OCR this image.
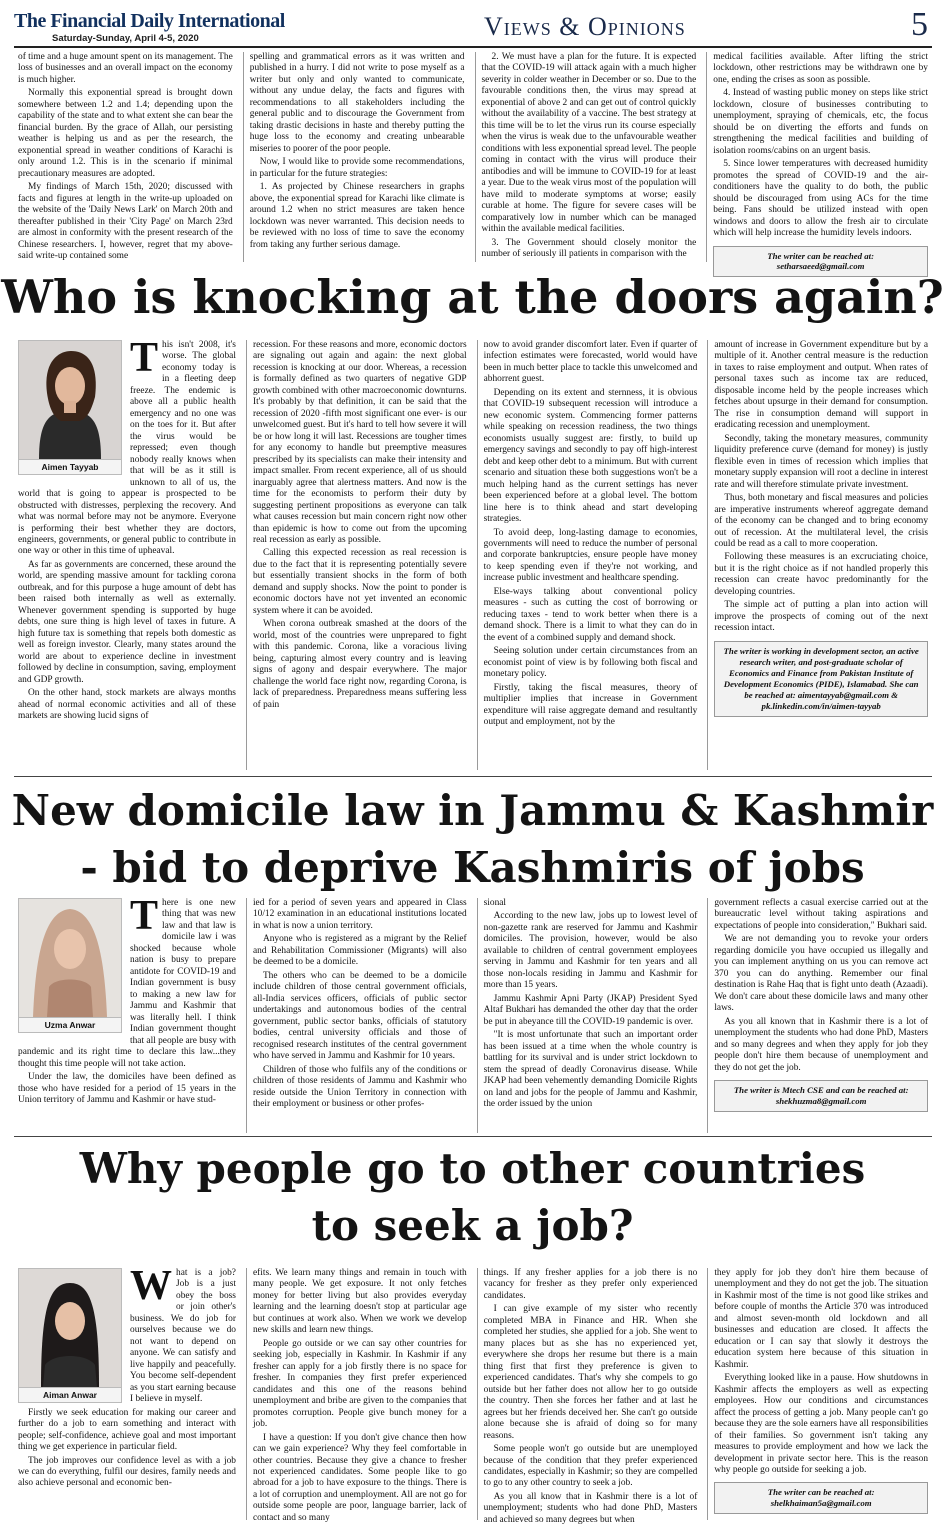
The Financial Daily International
Saturday-Sunday, April 4-5, 2020	Views & Opinions	5

of time and a huge amount spent on its management. The loss of businesses and an overall impact on the economy is much higher.

Normally this exponential spread is brought down somewhere between 1.2 and 1.4; depending upon the capability of the state and to what extent she can bear the financial burden. By the grace of Allah, our persisting weather is helping us and as per the research, the exponential spread in weather conditions of Karachi is only around 1.2. This is in the scenario if minimal precautionary measures are adopted.

My findings of March 15th, 2020; discussed with facts and figures at length in the write-up uploaded on the website of the 'Daily News Lark' on March 20th and thereafter published in their 'City Page' on March 23rd are almost in conformity with the present research of the Chinese researchers. I, however, regret that my above-said write-up contained some

spelling and grammatical errors as it was written and published in a hurry. I did not write to pose myself as a writer but only and only wanted to communicate, without any undue delay, the facts and figures with recommendations to all stakeholders including the general public and to discourage the Government from taking drastic decisions in haste and thereby putting the huge loss to the economy and creating unbearable miseries to poorer of the poor people.

Now, I would like to provide some recommendations, in particular for the future strategies:

1. As projected by Chinese researchers in graphs above, the exponential spread for Karachi like climate is around 1.2 when no strict measures are taken hence lockdown was never warranted. This decision needs to be reviewed with no loss of time to save the economy from taking any further serious damage.

2. We must have a plan for the future. It is expected that the COVID-19 will attack again with a much higher severity in colder weather in December or so. Due to the favourable conditions then, the virus may spread at exponential of above 2 and can get out of control quickly without the availability of a vaccine. The best strategy at this time will be to let the virus run its course especially when the virus is weak due to the unfavourable weather conditions with less exponential spread level. The people coming in contact with the virus will produce their antibodies and will be immune to COVID-19 for at least a year. Due to the weak virus most of the population will have mild to moderate symptoms at worse; easily curable at home. The figure for severe cases will be comparatively low in number which can be managed within the available medical facilities.

3. The Government should closely monitor the number of seriously ill patients in comparison with the

medical facilities available. After lifting the strict lockdown, other restrictions may be withdrawn one by one, ending the crises as soon as possible.

4. Instead of wasting public money on steps like strict lockdown, closure of businesses contributing to unemployment, spraying of chemicals, etc, the focus should be on diverting the efforts and funds on strengthening the medical facilities and building of isolation rooms/cabins on an urgent basis.

5. Since lower temperatures with decreased humidity promotes the spread of COVID-19 and the air-conditioners have the quality to do both, the public should be discouraged from using ACs for the time being. Fans should be utilized instead with open windows and doors to allow the fresh air to circulate which will help increase the humidity levels indoors.

The writer can be reached at:
setharsaeed@gmail.com
Who is knocking at the doors again?
Aimen Tayyab
T his isn't 2008, it's worse. The global economy today is in a fleeting deep freeze. The endemic is above all a public health emergency and no one was on the toes for it. But after the virus would be repressed; even though nobody really knows when that will be as it still is unknown to all of us, the world that is going to appear is prospected to be obstructed with distresses, perplexing the recovery. And what was normal before may not be anymore. Everyone is performing their best whether they are doctors, engineers, governments, or general public to contribute in one way or other in this time of upheaval.

As far as governments are concerned, these around the world, are spending massive amount for tackling corona outbreak, and for this purpose a huge amount of debt has been raised both internally as well as externally. Whenever government spending is supported by huge debts, one sure thing is high level of taxes in future. A high future tax is something that repels both domestic as well as foreign investor. Clearly, many states around the world are about to experience decline in investment followed by decline in consumption, saving, employment and GDP growth.

On the other hand, stock markets are always months ahead of normal economic activities and all of these markets are showing lucid signs of

recession. For these reasons and more, economic doctors are signaling out again and again: the next global recession is knocking at our door. Whereas, a recession is formally defined as two quarters of negative GDP growth combined with other macroeconomic downturns. It's probably by that definition, it can be said that the recession of 2020 -fifth most significant one ever- is our unwelcomed guest. But it's hard to tell how severe it will be or how long it will last. Recessions are tougher times for any economy to handle but preemptive measures prescribed by its specialists can make their intensity and impact smaller. From recent experience, all of us should inarguably agree that alertness matters. And now is the time for the economists to perform their duty by suggesting pertinent propositions as everyone can talk what causes recession but main concern right now other than epidemic is how to come out from the upcoming real recession as early as possible.

Calling this expected recession as real recession is due to the fact that it is representing potentially severe but essentially transient shocks in the form of both demand and supply shocks. Now the point to ponder is economic doctors have not yet invented an economic system where it can be avoided.

When corona outbreak smashed at the doors of the world, most of the countries were unprepared to fight with this pandemic. Corona, like a voracious living being, capturing almost every country and is leaving signs of agony and despair everywhere. The major challenge the world face right now, regarding Corona, is lack of preparedness. Preparedness means suffering less of pain

now to avoid grander discomfort later. Even if quarter of infection estimates were forecasted, world would have been in much better place to tackle this unwelcomed and abhorrent guest.

Depending on its extent and sternness, it is obvious that COVID-19 subsequent recession will introduce a new economic system. Commencing former patterns while speaking on recession readiness, the two things economists usually suggest are: firstly, to build up emergency savings and secondly to pay off high-interest debt and keep other debt to a minimum. But with current scenario and situation these both suggestions won't be a much helping hand as the current settings has never been experienced before at a global level. The bottom line here is to think ahead and start developing strategies.

To avoid deep, long-lasting damage to economies, governments will need to reduce the number of personal and corporate bankruptcies, ensure people have money to keep spending even if they're not working, and increase public investment and healthcare spending.

Else-ways talking about conventional policy measures - such as cutting the cost of borrowing or reducing taxes - tend to work better when there is a demand shock. There is a limit to what they can do in the event of a combined supply and demand shock.

Seeing solution under certain circumstances from an economist point of view is by following both fiscal and monetary policy.

Firstly, taking the fiscal measures, theory of multiplier implies that increase in Government expenditure will raise aggregate demand and resultantly output and employment, not by the

amount of increase in Government expenditure but by a multiple of it. Another central measure is the reduction in taxes to raise employment and output. When rates of personal taxes such as income tax are reduced, disposable income held by the people increases which fetches about upsurge in their demand for consumption. The rise in consumption demand will support in eradicating recession and unemployment.

Secondly, taking the monetary measures, community liquidity preference curve (demand for money) is justly flexible even in times of recession which implies that monetary supply expansion will root a decline in interest rate and will therefore stimulate private investment.

Thus, both monetary and fiscal measures and policies are imperative instruments whereof aggregate demand of the economy can be changed and to bring economy out of recession. At the multilateral level, the crisis could be read as a call to more cooperation.

Following these measures is an excruciating choice, but it is the right choice as if not handled properly this recession can create havoc predominantly for the developing countries.

The simple act of putting a plan into action will improve the prospects of coming out of the next recession intact.

The writer is working in development sector, an active research writer, and post-graduate scholar of Economics and Finance from Pakistan Institute of Development Economics (PIDE), Islamabad. She can be reached at: aimentayyab@gmail.com & pk.linkedin.com/in/aimen-tayyab
New domicile law in Jammu & Kashmir
- bid to deprive Kashmiris of jobs
Uzma Anwar
T here is one new thing that was new law and that law is domicile law i was shocked because whole nation is busy to prepare antidote for COVID-19 and Indian government is busy to making a new law for Jammu and Kashmir that was literally hell. I think Indian government thought that all people are busy with pandemic and its right time to declare this law...they thought this time people will not take action.

Under the law, the domiciles have been defined as those who have resided for a period of 15 years in the Union territory of Jammu and Kashmir or have stud-

ied for a period of seven years and appeared in Class 10/12 examination in an educational institutions located in what is now a union territory.

Anyone who is registered as a migrant by the Relief and Rehabilitation Commissioner (Migrants) will also be deemed to be a domicile.

The others who can be deemed to be a domicile include children of those central government officials, all-India services officers, officials of public sector undertakings and autonomous bodies of the central government, public sector banks, officials of statutory bodies, central university officials and those of recognised research institutes of the central government who have served in Jammu and Kashmir for 10 years.

Children of those who fulfils any of the conditions or children of those residents of Jammu and Kashmir who reside outside the Union Territory in connection with their employment or business or other profes-

sional

According to the new law, jobs up to lowest level of non-gazette rank are reserved for Jammu and Kashmir domiciles. The provision, however, would be also available to children of central government employees serving in Jammu and Kashmir for ten years and all those non-locals residing in Jammu and Kashmir for more than 15 years.

Jammu Kashmir Apni Party (JKAP) President Syed Altaf Bukhari has demanded the other day that the order be put in abeyance till the COVID-19 pandemic is over.

"It is most unfortunate that such an important order has been issued at a time when the whole country is battling for its survival and is under strict lockdown to stem the spread of deadly Coronavirus disease. While JKAP had been vehemently demanding Domicile Rights on land and jobs for the people of Jammu and Kashmir, the order issued by the union

government reflects a casual exercise carried out at the bureaucratic level without taking aspirations and expectations of people into consideration," Bukhari said.

We are not demanding you to revoke your orders regarding domicile you have occupied us illegally and you can implement anything on us you can remove act 370 you can do anything. Remember our final destination is Rahe Haq that is fight unto death (Azaadi). We don't care about these domicile laws and many other laws.

As you all known that in Kashmir there is a lot of unemployment the students who had done PhD, Masters and so many degrees and when they apply for job they people don't hire them because of unemployment and they do not get the job.

The writer is Mtech CSE and can be reached at:
shekhuzma8@gmail.com
Why people go to other countries
to seek a job?
Aiman Anwar
W hat is a job? Job is a just obey the boss or join other's business. We do job for ourselves because we do not want to depend on anyone. We can satisfy and live happily and peacefully. You become self-dependent as you start earning because I believe in myself.

Firstly we seek education for making our career and further do a job to earn something and interact with people; self-confidence, achieve goal and most important thing we get experience in particular field.

The job improves our confidence level as with a job we can do everything, fulfil our desires, family needs and also achieve personal and economic ben-

efits. We learn many things and remain in touch with many people. We get exposure. It not only fetches money for better living but also provides everyday learning and the learning doesn't stop at particular age but continues at work also. When we work we develop new skills and learn new things.

People go outside or we can say other countries for seeking job, especially in Kashmir. In Kashmir if any fresher can apply for a job firstly there is no space for fresher. In companies they first prefer experienced candidates and this one of the reasons behind unemployment and bribe are given to the companies that promotes corruption. People give bunch money for a job.

I have a question: If you don't give chance then how can we gain experience? Why they feel comfortable in other countries. Because they give a chance to fresher not experienced candidates. Some people like to go abroad for a job to have exposure to the things. There is a lot of corruption and unemployment. All are not go for outside some people are poor, language barrier, lack of contact and so many

things. If any fresher applies for a job there is no vacancy for fresher as they prefer only experienced candidates.

I can give example of my sister who recently completed MBA in Finance and HR. When she completed her studies, she applied for a job. She went to many places but as she has no experienced yet, everywhere she drops her resume but there is a main thing first that first they preference is given to experienced candidates. That's why she compels to go outside but her father does not allow her to go outside the country. Then she forces her father and at last he agrees but her friends deceived her. She can't go outside alone because she is afraid of doing so for many reasons.

Some people won't go outside but are unemployed because of the condition that they prefer experienced candidates, especially in Kashmir; so they are compelled to go to any other country to seek a job.

As you all know that in Kashmir there is a lot of unemployment; students who had done PhD, Masters and achieved so many degrees but when

they apply for job they don't hire them because of unemployment and they do not get the job. The situation in Kashmir most of the time is not good like strikes and before couple of months the Article 370 was introduced and almost seven-month old lockdown and all businesses and education are closed. It affects the education or I can say that slowly it destroys the education system here because of this situation in Kashmir.

Everything looked like in a pause. How shutdowns in Kashmir affects the employers as well as expecting employees. How our conditions and circumstances affect the process of getting a job. Many people can't go because they are the sole earners have all responsibilities of their families. So government isn't taking any measures to provide employment and how we lack the development in private sector here. This is the reason why people go outside for seeking a job.

The writer can be reached at:
shelkhaiman5a@gmail.com
